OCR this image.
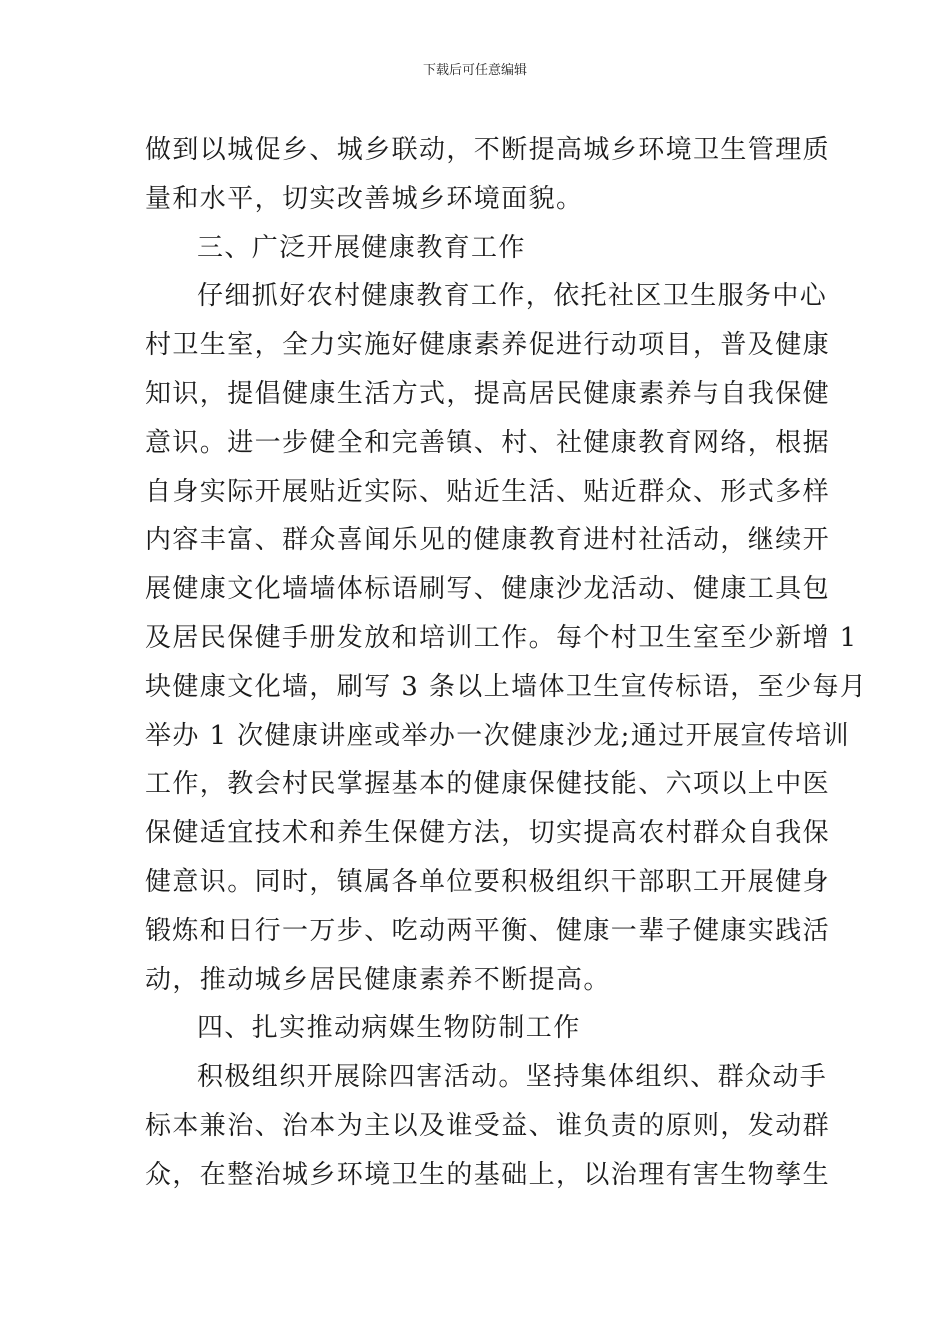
下载后可任意编辑
做到以城促乡、城乡联动，不断提高城乡环境卫生管理质
量和水平，切实改善城乡环境面貌。
三、广泛开展健康教育工作
仔细抓好农村健康教育工作，依托社区卫生服务中心
村卫生室，全力实施好健康素养促进行动项目，普及健康
知识，提倡健康生活方式，提高居民健康素养与自我保健
意识。进一步健全和完善镇、村、社健康教育网络，根据
自身实际开展贴近实际、贴近生活、贴近群众、形式多样
内容丰富、群众喜闻乐见的健康教育进村社活动，继续开
展健康文化墙墙体标语刷写、健康沙龙活动、健康工具包
及居民保健手册发放和培训工作。每个村卫生室至少新增 1
块健康文化墙，刷写 3 条以上墙体卫生宣传标语，至少每月
举办 1 次健康讲座或举办一次健康沙龙;通过开展宣传培训
工作，教会村民掌握基本的健康保健技能、六项以上中医
保健适宜技术和养生保健方法，切实提高农村群众自我保
健意识。同时，镇属各单位要积极组织干部职工开展健身
锻炼和日行一万步、吃动两平衡、健康一辈子健康实践活
动，推动城乡居民健康素养不断提高。
四、扎实推动病媒生物防制工作
积极组织开展除四害活动。坚持集体组织、群众动手
标本兼治、治本为主以及谁受益、谁负责的原则，发动群
众，在整治城乡环境卫生的基础上，以治理有害生物孳生
